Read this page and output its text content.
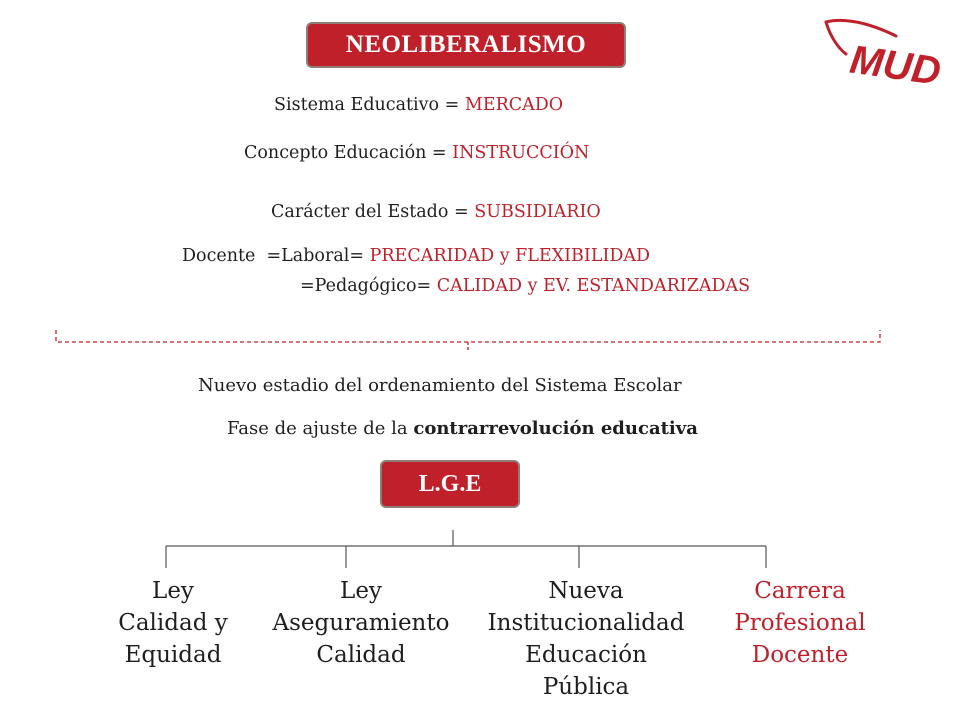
NEOLIBERALISMO	MUD
Sistema Educativo = MERCADO
Concepto Educación = INSTRUCCIÓN
Carácter del Estado = SUBSIDIARIO
Docente  =Laboral= PRECARIDAD y FLEXIBILIDAD
=Pedagógico= CALIDAD y EV. ESTANDARIZADAS
Nuevo estadio del ordenamiento del Sistema Escolar
Fase de ajuste de la contrarrevolución educativa
L.G.E
Ley
Calidad y
Equidad
Ley
Aseguramiento
Calidad
Nueva
Institucionalidad
Educación Pública
Carrera
Profesional
Docente
